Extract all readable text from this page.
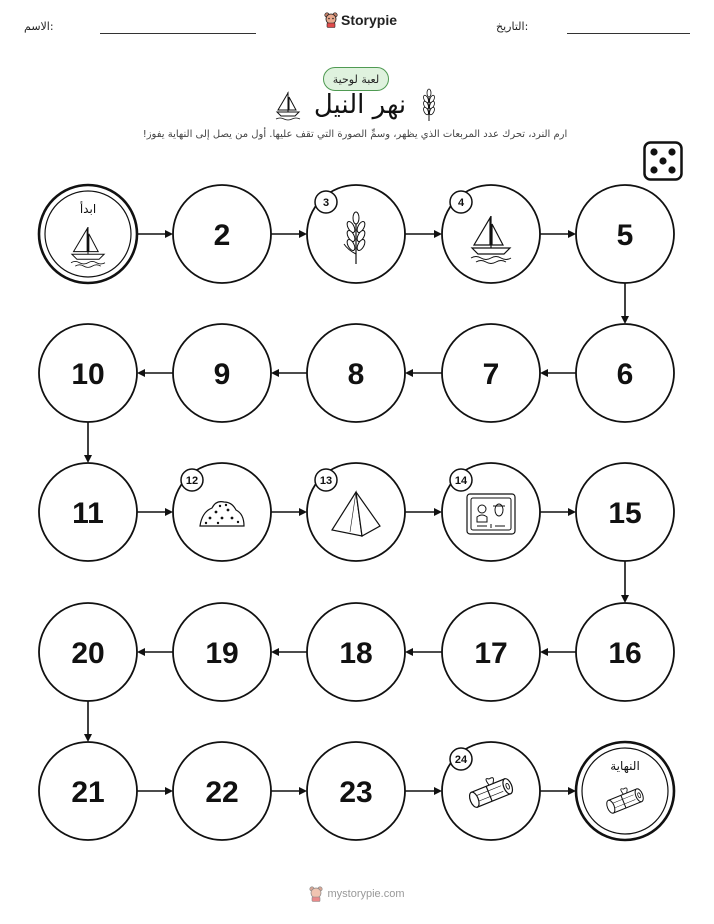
الاسم:	Storypie	التاريخ:
لعبة لوحية
نهر النيل
ارم النرد، تحرك عدد المربعات الذي يظهر، وسمِّ الصورة التي تقف عليها. أول من يصل إلى النهاية يفوز!
ابدأ
2
3	4
5
6
7
8
9
10
11
12	13	14
15
16
17
18
19
20
21	22	23
24	النهاية
mystorypie.com
